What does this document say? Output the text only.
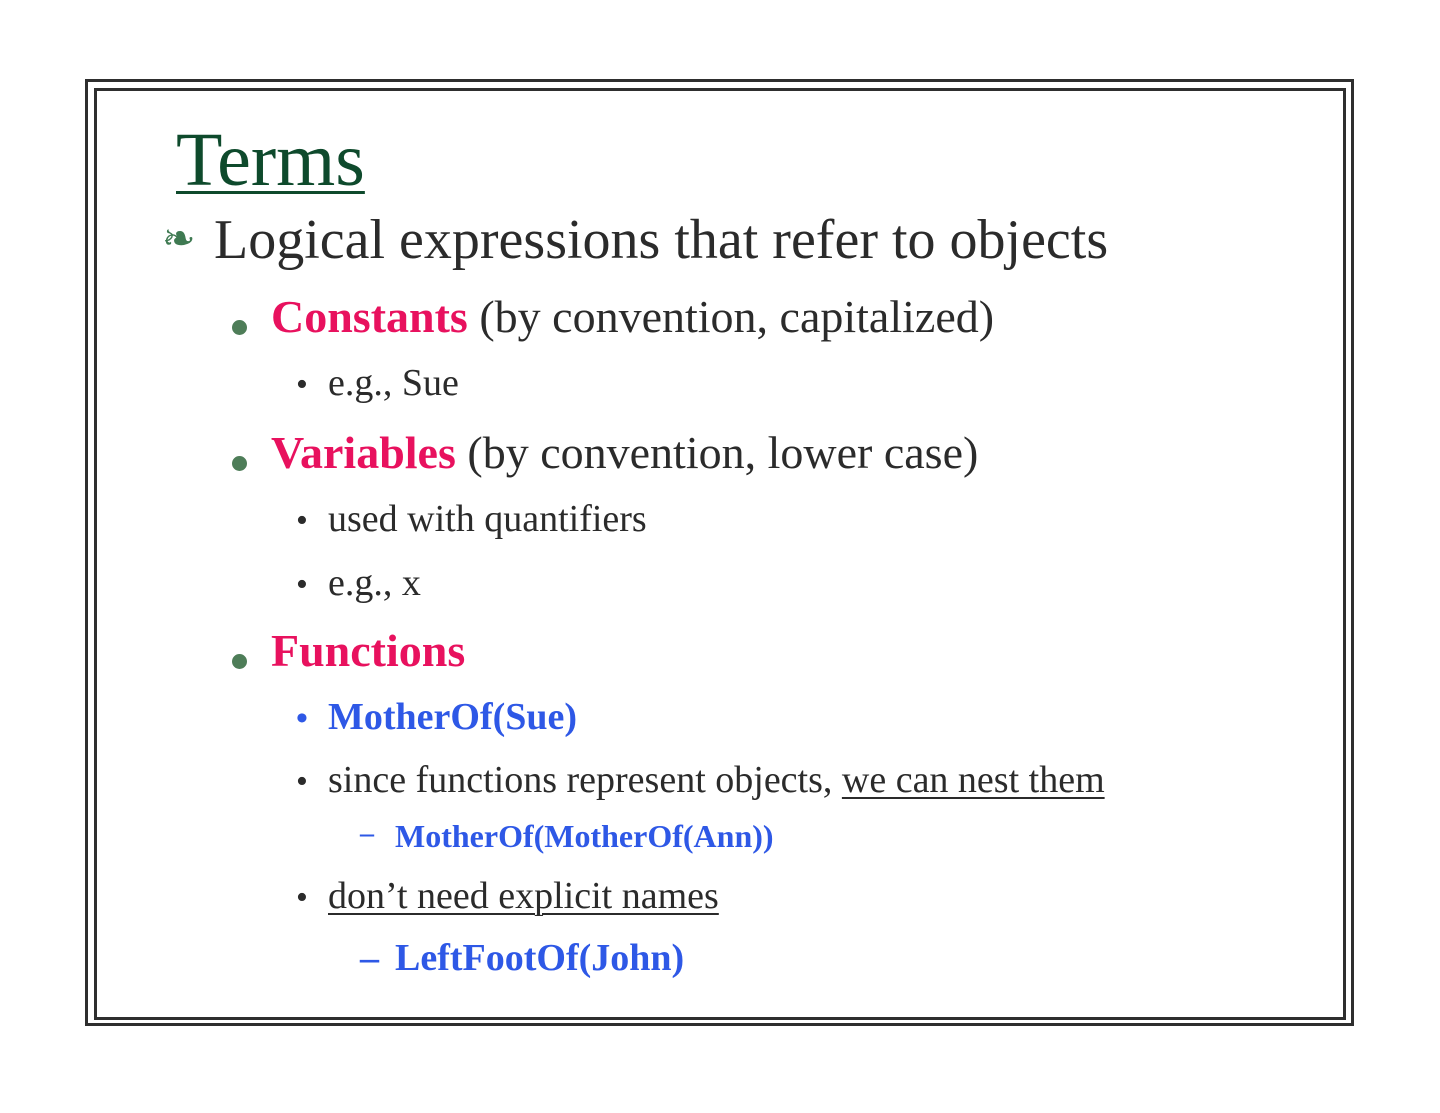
Terms
❧ Logical expressions that refer to objects
Constants (by convention, capitalized)
• e.g., Sue
Variables (by convention, lower case)
• used with quantifiers
• e.g., x
Functions
• MotherOf(Sue)
• since functions represent objects, we can nest them
– MotherOf(MotherOf(Ann))
• don’t need explicit names
– LeftFootOf(John)
